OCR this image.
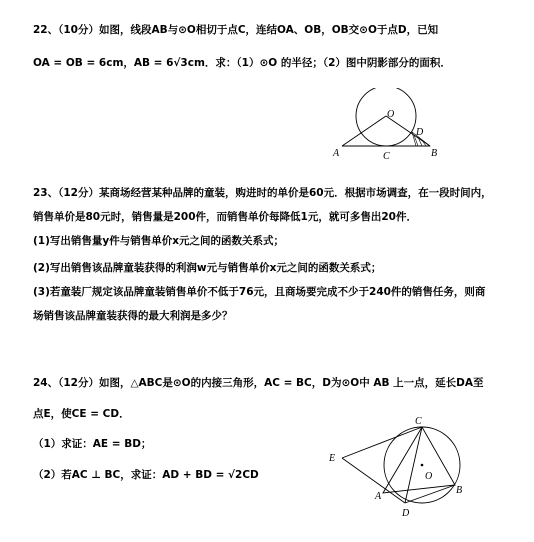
22、（10分）如图，线段AB与⊙O相切于点C，连结OA、OB，OB交⊙O于点D，已知
OA = OB = 6cm，AB = 6√3cm．求：（1）⊙O 的半径；（2）图中阴影部分的面积．
O
A	B
C
D
23、（12分）某商场经营某种品牌的童装，购进时的单价是60元．根据市场调查，在一段时间内，
销售单价是80元时，销售量是200件，而销售单价每降低1元，就可多售出20件．
(1)写出销售量y件与销售单价x元之间的函数关系式；
(2)写出销售该品牌童装获得的利润w元与销售单价x元之间的函数关系式；
(3)若童装厂规定该品牌童装销售单价不低于76元，且商场要完成不少于240件的销售任务，则商
场销售该品牌童装获得的最大利润是多少？
24、（12分）如图，△ABC是⊙O的内接三角形，AC = BC，D为⊙O中 AB 上一点，延长DA至
点E，使CE = CD．
（1）求证：AE = BD；
（2）若AC ⊥ BC，求证：AD + BD = √2CD
C
E
O
A
B
D
